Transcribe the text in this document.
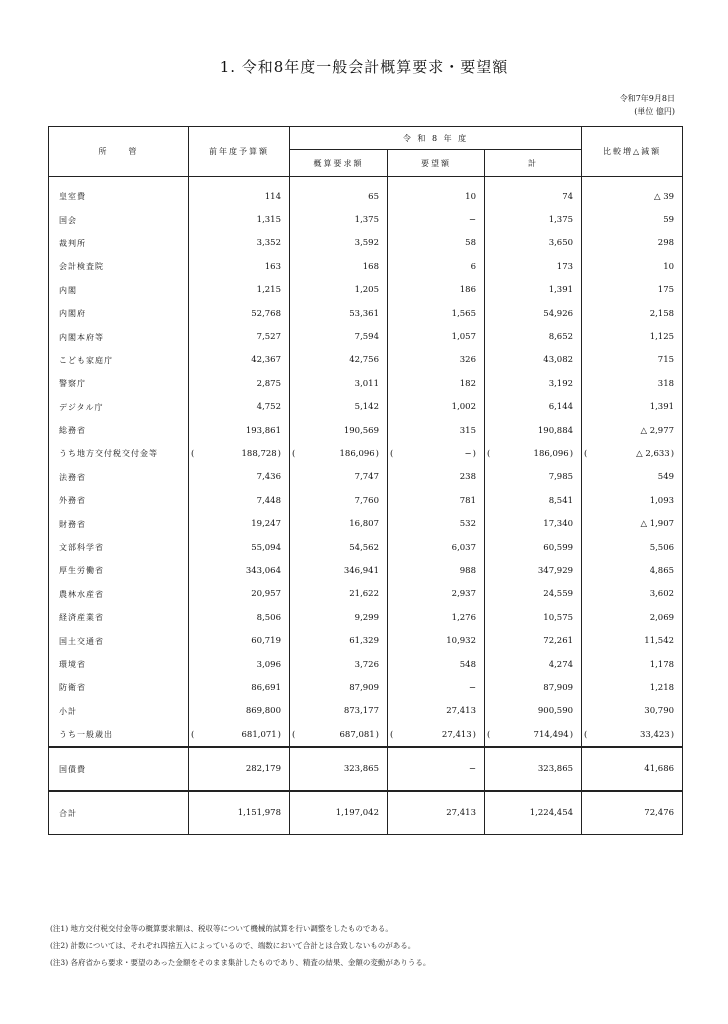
1. 令和8年度一般会計概算要求・要望額
令和7年9月8日
(単位 億円)
所　　管	前年度予算額	令 和 8 年 度			比較増△減額
		概算要求額	要望額	計	

皇室費	114	65	10	74	△ 39
国会	1,315	1,375	−	1,375	59
裁判所	3,352	3,592	58	3,650	298
会計検査院	163	168	6	173	10
内閣	1,215	1,205	186	1,391	175
内閣府	52,768	53,361	1,565	54,926	2,158
内閣本府等	7,527	7,594	1,057	8,652	1,125
こども家庭庁	42,367	42,756	326	43,082	715
警察庁	2,875	3,011	182	3,192	318
デジタル庁	4,752	5,142	1,002	6,144	1,391
総務省	193,861	190,569	315	190,884	△ 2,977
うち地方交付税交付金等	( 188,728)	( 186,096)	( −)	( 186,096)	( △ 2,633)
法務省	7,436	7,747	238	7,985	549
外務省	7,448	7,760	781	8,541	1,093
財務省	19,247	16,807	532	17,340	△ 1,907
文部科学省	55,094	54,562	6,037	60,599	5,506
厚生労働省	343,064	346,941	988	347,929	4,865
農林水産省	20,957	21,622	2,937	24,559	3,602
経済産業省	8,506	9,299	1,276	10,575	2,069
国土交通省	60,719	61,329	10,932	72,261	11,542
環境省	3,096	3,726	548	4,274	1,178
防衛省	86,691	87,909	−	87,909	1,218
小計	869,800	873,177	27,413	900,590	30,790
うち一般歳出	( 681,071)	( 687,081)	( 27,413)	( 714,494)	( 33,423)
国債費	282,179	323,865	−	323,865	41,686
合計	1,151,978	1,197,042	27,413	1,224,454	72,476
(注1) 地方交付税交付金等の概算要求額は、税収等について機械的試算を行い調整をしたものである。
(注2) 計数については、それぞれ四捨五入によっているので、端数において合計とは合致しないものがある。
(注3) 各府省から要求・要望のあった金額をそのまま集計したものであり、精査の結果、金額の変動がありうる。
